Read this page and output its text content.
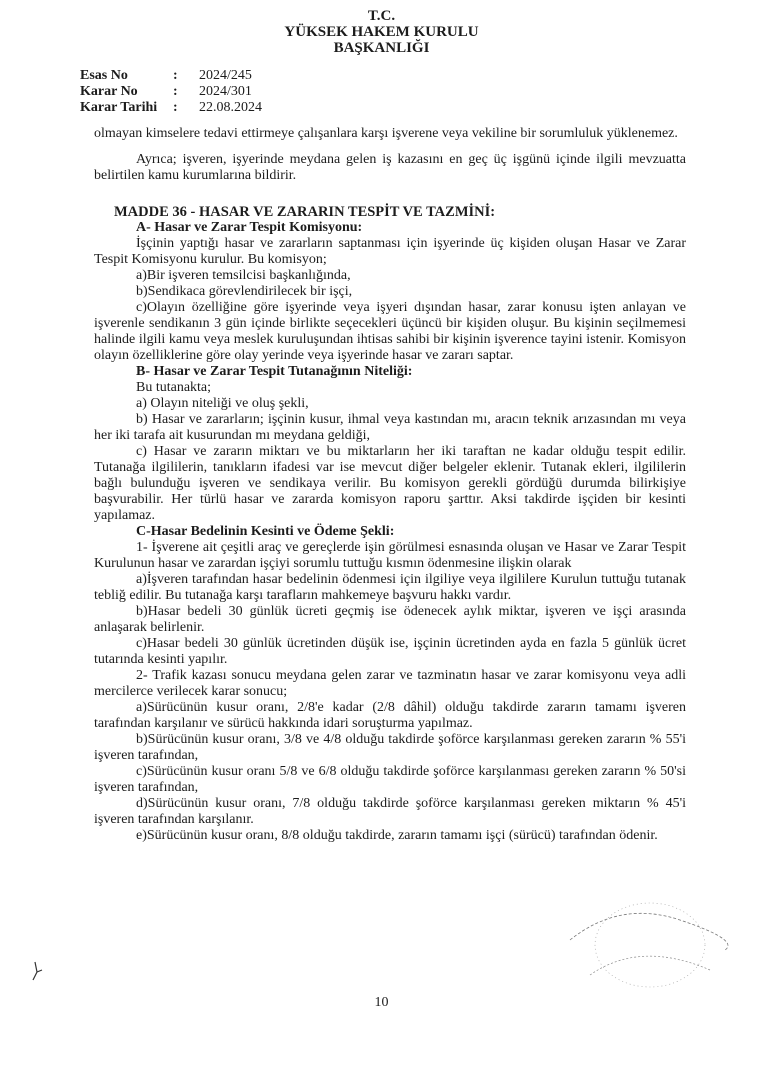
T.C.
YÜKSEK HAKEM KURULU
BAŞKANLIĞI
Esas No	:	2024/245
Karar No	:	2024/301
Karar Tarihi	:	22.08.2024

olmayan kimselere tedavi ettirmeye çalışanlara karşı işverene veya vekiline bir sorumluluk yüklenemez.

Ayrıca; işveren, işyerinde meydana gelen iş kazasını en geç üç işgünü içinde ilgili mevzuatta belirtilen kamu kurumlarına bildirir.

MADDE 36 - HASAR VE ZARARIN TESPİT VE TAZMİNİ:
A- Hasar ve Zarar Tespit Komisyonu:

İşçinin yaptığı hasar ve zararların saptanması için işyerinde üç kişiden oluşan Hasar ve Zarar Tespit Komisyonu kurulur. Bu komisyon;

a)Bir işveren temsilcisi başkanlığında,

b)Sendikaca görevlendirilecek bir işçi,

c)Olayın özelliğine göre işyerinde veya işyeri dışından hasar, zarar konusu işten anlayan ve işverenle sendikanın 3 gün içinde birlikte seçecekleri üçüncü bir kişiden oluşur. Bu kişinin seçilmemesi halinde ilgili kamu veya meslek kuruluşundan ihtisas sahibi bir kişinin işverence tayini istenir. Komisyon olayın özelliklerine göre olay yerinde veya işyerinde hasar ve zararı saptar.

B- Hasar ve Zarar Tespit Tutanağının Niteliği:

Bu tutanakta;

a) Olayın niteliği ve oluş şekli,

b) Hasar ve zararların; işçinin kusur, ihmal veya kastından mı, aracın teknik arızasından mı veya her iki tarafa ait kusurundan mı meydana geldiği,

c) Hasar ve zararın miktarı ve bu miktarların her iki taraftan ne kadar olduğu tespit edilir. Tutanağa ilgililerin, tanıkların ifadesi var ise mevcut diğer belgeler eklenir. Tutanak ekleri, ilgililerin bağlı bulunduğu işveren ve sendikaya verilir. Bu komisyon gerekli gördüğü durumda bilirkişiye başvurabilir. Her türlü hasar ve zararda komisyon raporu şarttır. Aksi takdirde işçiden bir kesinti yapılamaz.

C-Hasar Bedelinin Kesinti ve Ödeme Şekli:

1- İşverene ait çeşitli araç ve gereçlerde işin görülmesi esnasında oluşan ve Hasar ve Zarar Tespit Kurulunun hasar ve zarardan işçiyi sorumlu tuttuğu kısmın ödenmesine ilişkin olarak

a)İşveren tarafından hasar bedelinin ödenmesi için ilgiliye veya ilgililere Kurulun tuttuğu tutanak tebliğ edilir. Bu tutanağa karşı tarafların mahkemeye başvuru hakkı vardır.

b)Hasar bedeli 30 günlük ücreti geçmiş ise ödenecek aylık miktar, işveren ve işçi arasında anlaşarak belirlenir.

c)Hasar bedeli 30 günlük ücretinden düşük ise, işçinin ücretinden ayda en fazla 5 günlük ücret tutarında kesinti yapılır.

2- Trafik kazası sonucu meydana gelen zarar ve tazminatın hasar ve zarar komisyonu veya adli mercilerce verilecek karar sonucu;

a)Sürücünün kusur oranı, 2/8'e kadar (2/8 dâhil) olduğu takdirde zararın tamamı işveren tarafından karşılanır ve sürücü hakkında idari soruşturma yapılmaz.

b)Sürücünün kusur oranı, 3/8 ve 4/8 olduğu takdirde şoförce karşılanması gereken zararın % 55'i işveren tarafından,

c)Sürücünün kusur oranı 5/8 ve 6/8 olduğu takdirde şoförce karşılanması gereken zararın % 50'si işveren tarafından,

d)Sürücünün kusur oranı, 7/8 olduğu takdirde şoförce karşılanması gereken miktarın % 45'i işveren tarafından karşılanır.

e)Sürücünün kusur oranı, 8/8 olduğu takdirde, zararın tamamı işçi (sürücü) tarafından ödenir.

10
